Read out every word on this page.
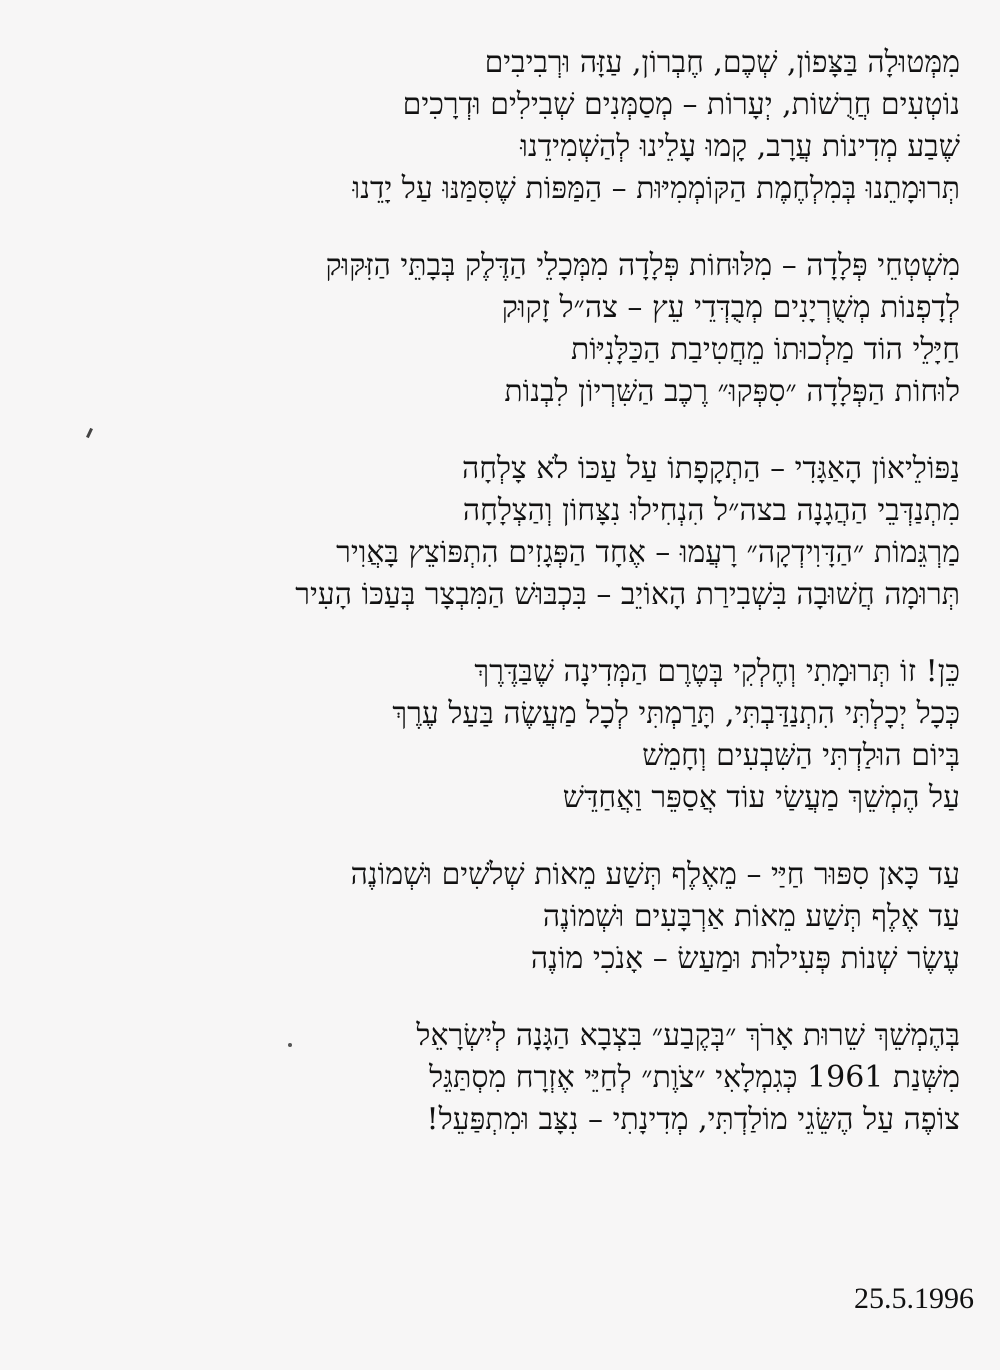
מִמְּטוּלָה בַּצָּפוֹן, שְׁכֶם, חֶבְרוֹן, עַזָּה וּרְבִיבִים
נוֹטְעִים חֲרֻשׁוֹת, יְעָרוֹת – מְסַמְּנִים שְׁבִילִים וּדְרָכִים
שֶׁבַע מְדִינוֹת עֲרָב, קָמוּ עָלֵינוּ לְהַשְׁמִידֵנוּ
תְּרוּמָתֵנוּ בְּמִלְחֶמֶת הַקּוֹמְמִיּוּת – הַמַּפּוֹת שֶׁסִּמַּנּוּ עַל יָדֵנוּ
מִשְׁטְחֵי פְּלָדָה – מִלּוּחוֹת פְּלָדָה מִמְּכָלֵי הַדֶּלֶק בְּבָתֵּי הַזִּקּוּק
לְדָפְנוֹת מְשֻׁרְיָנִים מְבֻדְּדֵי עֵץ – צה״ל זָקוּק
חַיָּלֵי הוֹד מַלְכוּתוֹ מֵחֲטִיבַת הַכַּלָּנִיּוֹת
לוּחוֹת הַפְּלָדָה ״סִפְּקוּ״ רֶכֶב הַשִּׁרְיוֹן לִבְנוֹת
נַפּוֹלֵיאוֹן הָאַגָּדִי – הַתְקָפָתוֹ עַל עַכּוֹ לֹא צָלְחָה
מִתְנַדְּבֵי הַהֲגָנָה בצה״ל הִנְחִילוּ נִצָּחוֹן וְהַצְלָחָה
מַרְגֵּמוֹת ״הַדָּוִידְקָה״ רָעֲמוּ – אֶחָד הַפְּגָזִים הִתְפּוֹצֵץ בָּאֲוִיר
תְּרוּמָה חֲשׁוּבָה בִּשְׁבִירַת הָאוֹיֵב – בִּכְבּוּשׁ הַמִּבְצָר בְּעַכּוֹ הָעִיר
כֵּן! זוֹ תְּרוּמָתִי וְחֶלְקִי בְּטֶרֶם הַמְּדִינָה שֶׁבַּדֶּרֶךְ
כְּכָל יְכָלְתִּי הִתְנַדַּבְתִּי, תָּרַמְתִּי לְכָל מַעֲשֶׂה בַּעַל עֶרֶךְ
בְּיוֹם הוּלַדְתִּי הַשִּׁבְעִים וְחָמֵשׁ
עַל הֶמְשֵׁךְ מַעֲשַׂי עוֹד אֲסַפֵּר וַאֲחַדֵּשׁ
עַד כָּאן סִפּוּר חַיַּי – מֵאֶלֶף תְּשַׁע מֵאוֹת שְׁלֹשִׁים וּשְׁמוֹנֶה
עַד אֶלֶף תְּשַׁע מֵאוֹת אַרְבָּעִים וּשְׁמוֹנֶה
עֶשֶׂר שְׁנוֹת פְּעִילוּת וּמַעַשׂ – אָנֹכִי מוֹנֶה
בְּהֶמְשֵׁךְ שֵׁרוּת אָרֹךְ ״בְּקֶבַע״ בִּצְבָא הַגָּנָה לְיִשְׂרָאֵל
מִשְּׁנַת 1961 כְּגִמְלָאִי ״צֹוֶת״ לְחַיֵּי אֶזְרָח מִסְתַּגֵּל
צוֹפֶה עַל הֶשֵּׂגֵי מוֹלַדְתִּי, מְדִינָתִי – נִצָּב וּמִתְפַּעֵל!
25.5.1996
